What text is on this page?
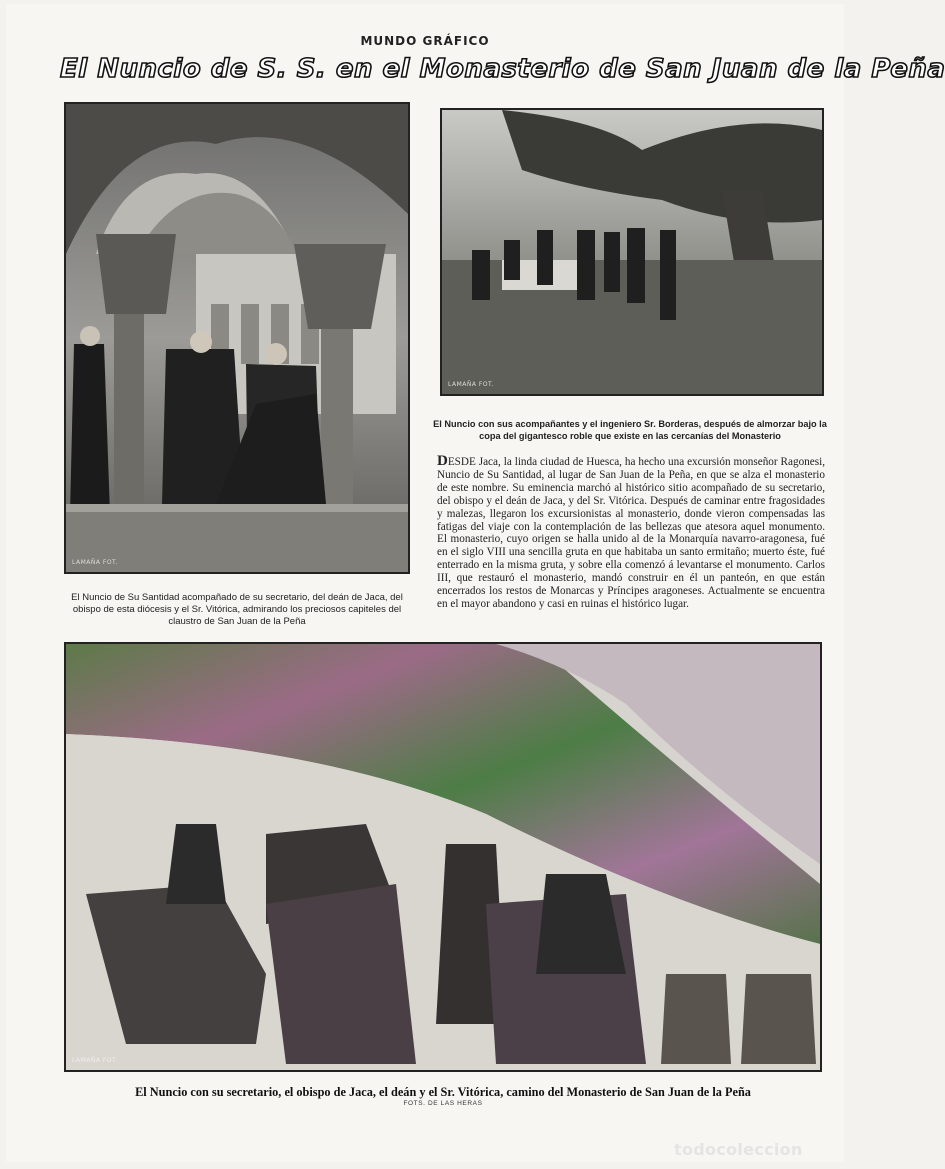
MUNDO GRÁFICO
El Nuncio de S. S. en el Monasterio de San Juan de la Peña
LAMAÑA FOT.
El Nuncio de Su Santidad acompañado de su secretario, del deán de Jaca, del obispo de esta diócesis y el Sr. Vitórica, admirando los preciosos capiteles del claustro de San Juan de la Peña
LAMAÑA FOT.
El Nuncio con sus acompañantes y el ingeniero Sr. Borderas, después de almorzar bajo la copa del gigantesco roble que existe en las cercanías del Monasterio
DESDE Jaca, la linda ciudad de Huesca, ha hecho una excursión monseñor Ragonesi, Nuncio de Su Santidad, al lugar de San Juan de la Peña, en que se alza el monasterio de este nombre. Su eminencia marchó al histórico sitio acompañado de su secretario, del obispo y el deán de Jaca, y del Sr. Vitórica. Después de caminar entre fragosidades y malezas, llegaron los excursionistas al monasterio, donde vieron compensadas las fatigas del viaje con la contemplación de las bellezas que atesora aquel monumento. El monasterio, cuyo origen se halla unido al de la Monarquía navarro-aragonesa, fué en el siglo VIII una sencilla gruta en que habitaba un santo ermitaño; muerto éste, fué enterrado en la misma gruta, y sobre ella comenzó á levantarse el monumento. Carlos III, que restauró el monasterio, mandó construir en él un panteón, en que están encerrados los restos de Monarcas y Príncipes aragoneses. Actualmente se encuentra en el mayor abandono y casi en ruinas el histórico lugar.
LAMAÑA FOT.
El Nuncio con su secretario, el obispo de Jaca, el deán y el Sr. Vitórica, camino del Monasterio de San Juan de la Peña
FOTS. DE LAS HERAS
todocoleccion
